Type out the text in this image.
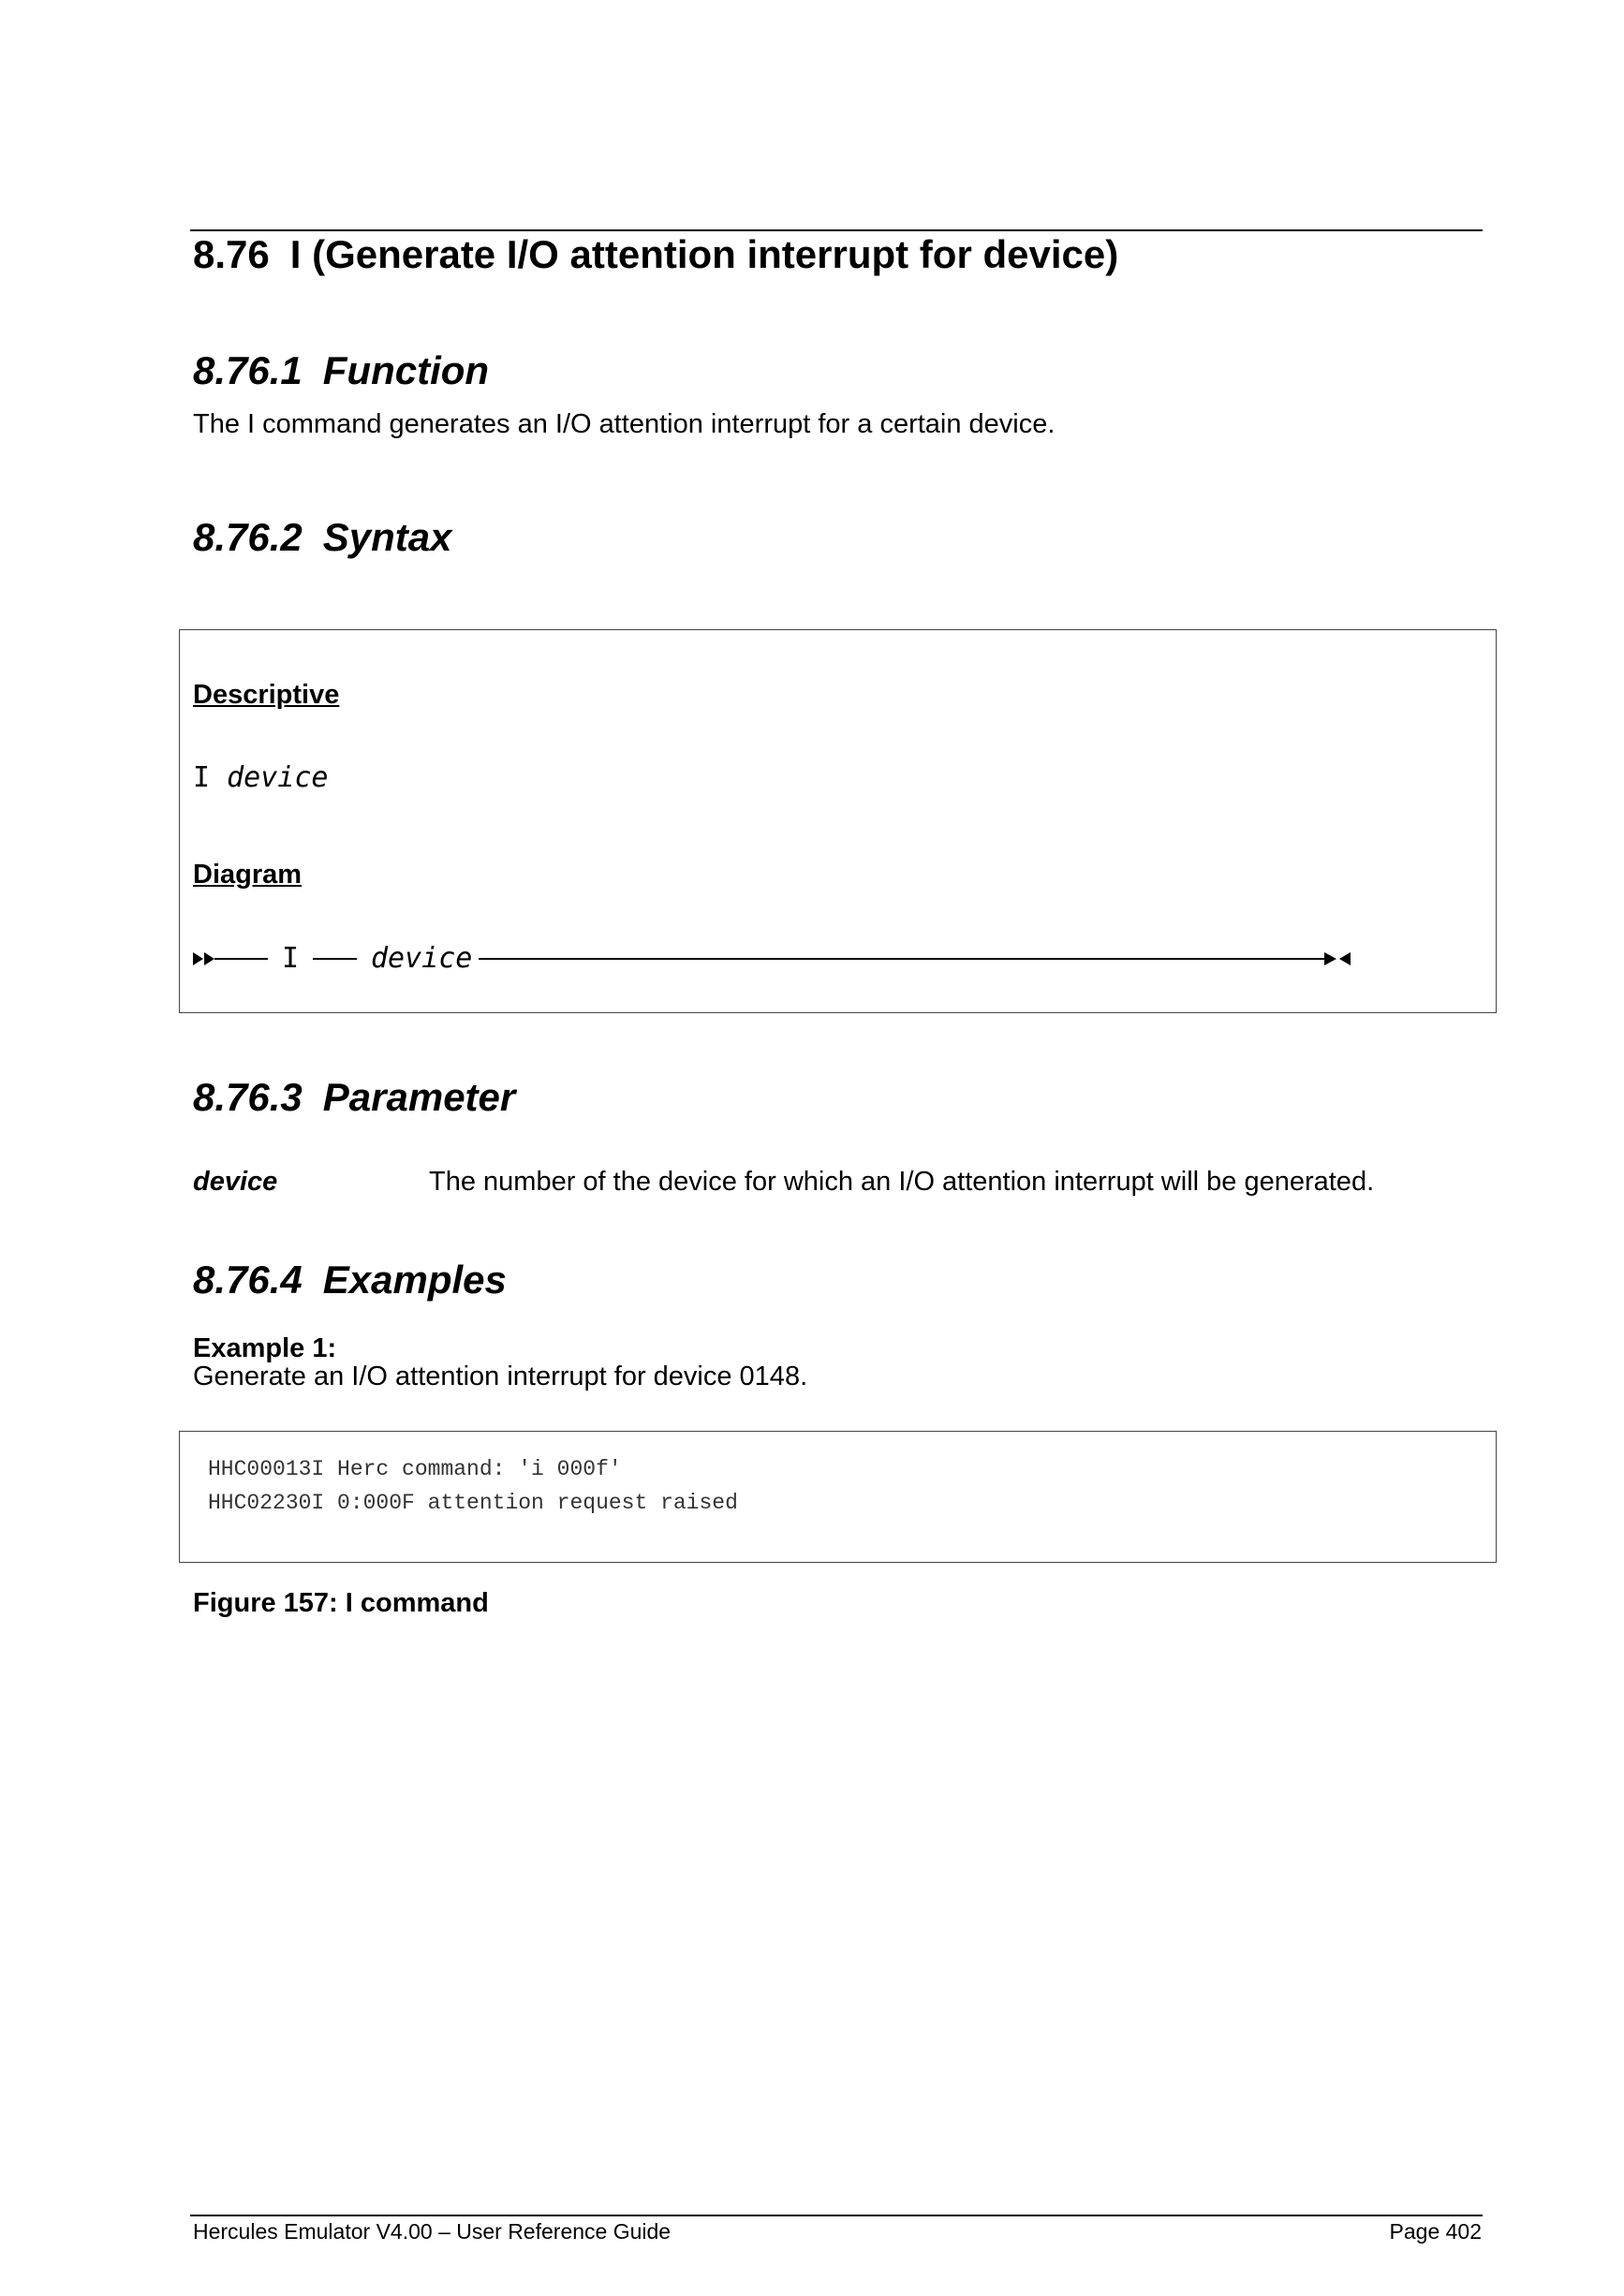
8.76 I (Generate I/O attention interrupt for device)
8.76.1 Function
The I command generates an I/O attention interrupt for a certain device.
8.76.2 Syntax
Descriptive
I device
Diagram
I	device
8.76.3 Parameter
device	The number of the device for which an I/O attention interrupt will be generated.
8.76.4 Examples
Example 1:
Generate an I/O attention interrupt for device 0148.
HHC00013I Herc command: 'i 000f'
HHC02230I 0:000F attention request raised
Figure 157: I command
Hercules Emulator V4.00 – User Reference Guide	Page 402
